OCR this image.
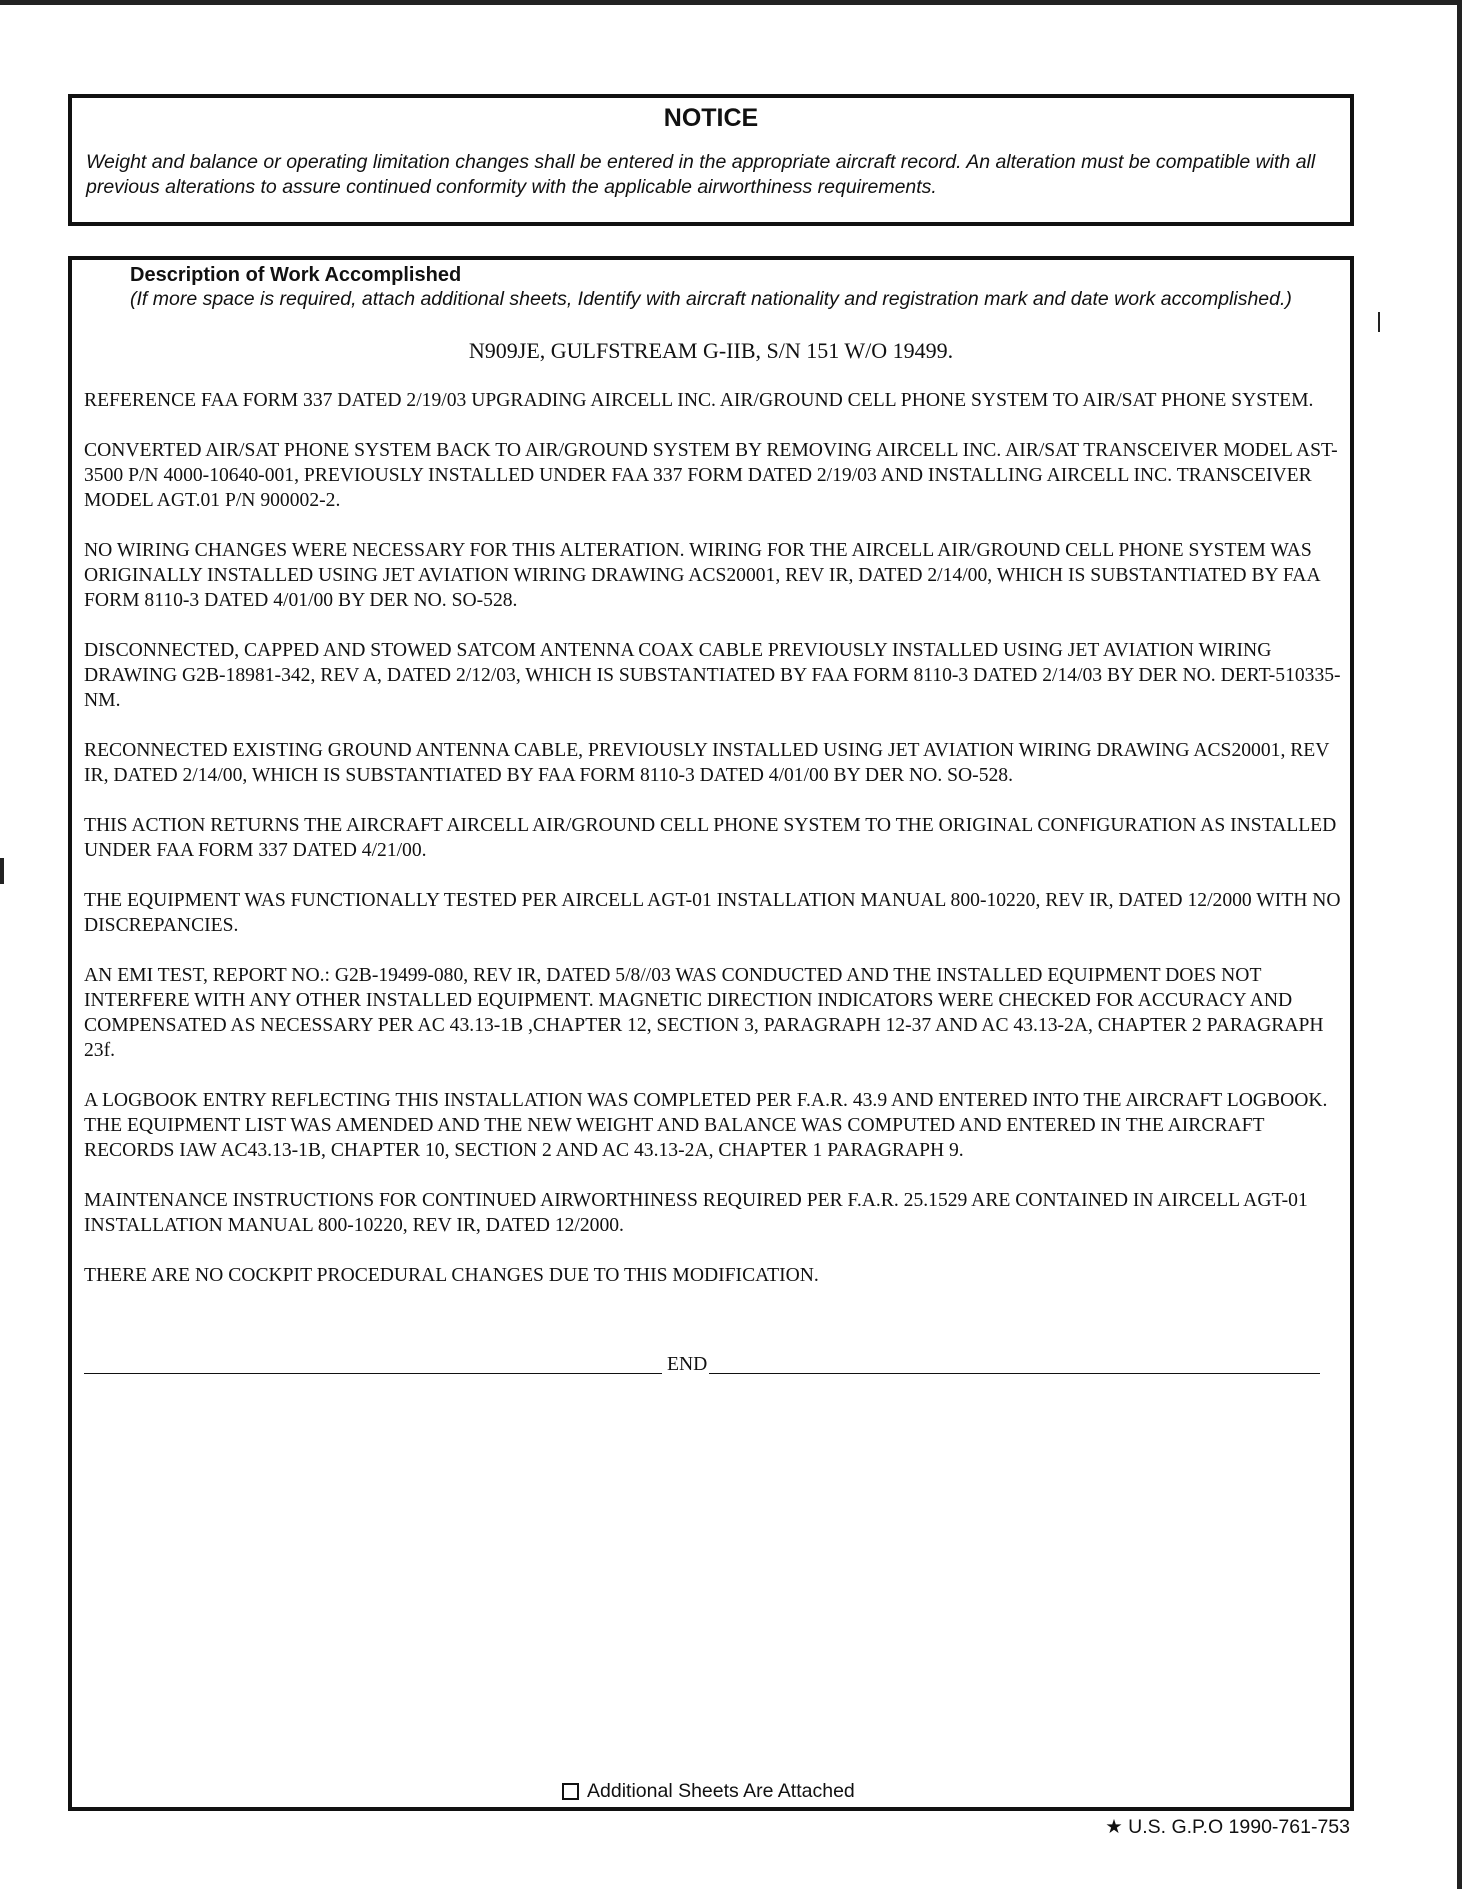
NOTICE
Weight and balance or operating limitation changes shall be entered in the appropriate aircraft record. An alteration must be compatible with all previous alterations to assure continued conformity with the applicable airworthiness requirements.
Description of Work Accomplished
(If more space is required, attach additional sheets, Identify with aircraft nationality and registration mark and date work accomplished.)
N909JE, GULFSTREAM G-IIB, S/N 151 W/O 19499.

REFERENCE FAA FORM 337 DATED 2/19/03 UPGRADING AIRCELL INC. AIR/GROUND CELL PHONE SYSTEM TO AIR/SAT PHONE SYSTEM.

CONVERTED AIR/SAT PHONE SYSTEM BACK TO AIR/GROUND SYSTEM BY REMOVING AIRCELL INC. AIR/SAT TRANSCEIVER MODEL AST-3500 P/N 4000-10640-001, PREVIOUSLY INSTALLED UNDER FAA 337 FORM DATED 2/19/03 AND INSTALLING AIRCELL INC. TRANSCEIVER MODEL AGT.01 P/N 900002-2.

NO WIRING CHANGES WERE NECESSARY FOR THIS ALTERATION. WIRING FOR THE AIRCELL AIR/GROUND CELL PHONE SYSTEM WAS ORIGINALLY INSTALLED USING JET AVIATION WIRING DRAWING ACS20001, REV IR, DATED 2/14/00, WHICH IS SUBSTANTIATED BY FAA FORM 8110-3 DATED 4/01/00 BY DER NO. SO-528.

DISCONNECTED, CAPPED AND STOWED SATCOM ANTENNA COAX CABLE PREVIOUSLY INSTALLED USING JET AVIATION WIRING DRAWING G2B-18981-342, REV A, DATED 2/12/03, WHICH IS SUBSTANTIATED BY FAA FORM 8110-3 DATED 2/14/03 BY DER NO. DERT-510335-NM.

RECONNECTED EXISTING GROUND ANTENNA CABLE, PREVIOUSLY INSTALLED USING JET AVIATION WIRING DRAWING ACS20001, REV IR, DATED 2/14/00, WHICH IS SUBSTANTIATED BY FAA FORM 8110-3 DATED 4/01/00 BY DER NO. SO-528.

THIS ACTION RETURNS THE AIRCRAFT AIRCELL AIR/GROUND CELL PHONE SYSTEM TO THE ORIGINAL CONFIGURATION AS INSTALLED UNDER FAA FORM 337 DATED 4/21/00.

THE EQUIPMENT WAS FUNCTIONALLY TESTED PER AIRCELL AGT-01 INSTALLATION MANUAL 800-10220, REV IR, DATED 12/2000 WITH NO DISCREPANCIES.

AN EMI TEST, REPORT NO.: G2B-19499-080, REV IR, DATED 5/8//03 WAS CONDUCTED AND THE INSTALLED EQUIPMENT DOES NOT INTERFERE WITH ANY OTHER INSTALLED EQUIPMENT. MAGNETIC DIRECTION INDICATORS WERE CHECKED FOR ACCURACY AND COMPENSATED AS NECESSARY PER AC 43.13-1B ,CHAPTER 12, SECTION 3, PARAGRAPH 12-37 AND AC 43.13-2A, CHAPTER 2 PARAGRAPH 23f.

A LOGBOOK ENTRY REFLECTING THIS INSTALLATION WAS COMPLETED PER F.A.R. 43.9 AND ENTERED INTO THE AIRCRAFT LOGBOOK. THE EQUIPMENT LIST WAS AMENDED AND THE NEW WEIGHT AND BALANCE WAS COMPUTED AND ENTERED IN THE AIRCRAFT RECORDS IAW AC43.13-1B, CHAPTER 10, SECTION 2 AND AC 43.13-2A, CHAPTER 1 PARAGRAPH 9.

MAINTENANCE INSTRUCTIONS FOR CONTINUED AIRWORTHINESS REQUIRED PER F.A.R. 25.1529 ARE CONTAINED IN AIRCELL AGT-01 INSTALLATION MANUAL 800-10220, REV IR, DATED 12/2000.

THERE ARE NO COCKPIT PROCEDURAL CHANGES DUE TO THIS MODIFICATION.

END
Additional Sheets Are Attached
★ U.S. G.P.O 1990-761-753
